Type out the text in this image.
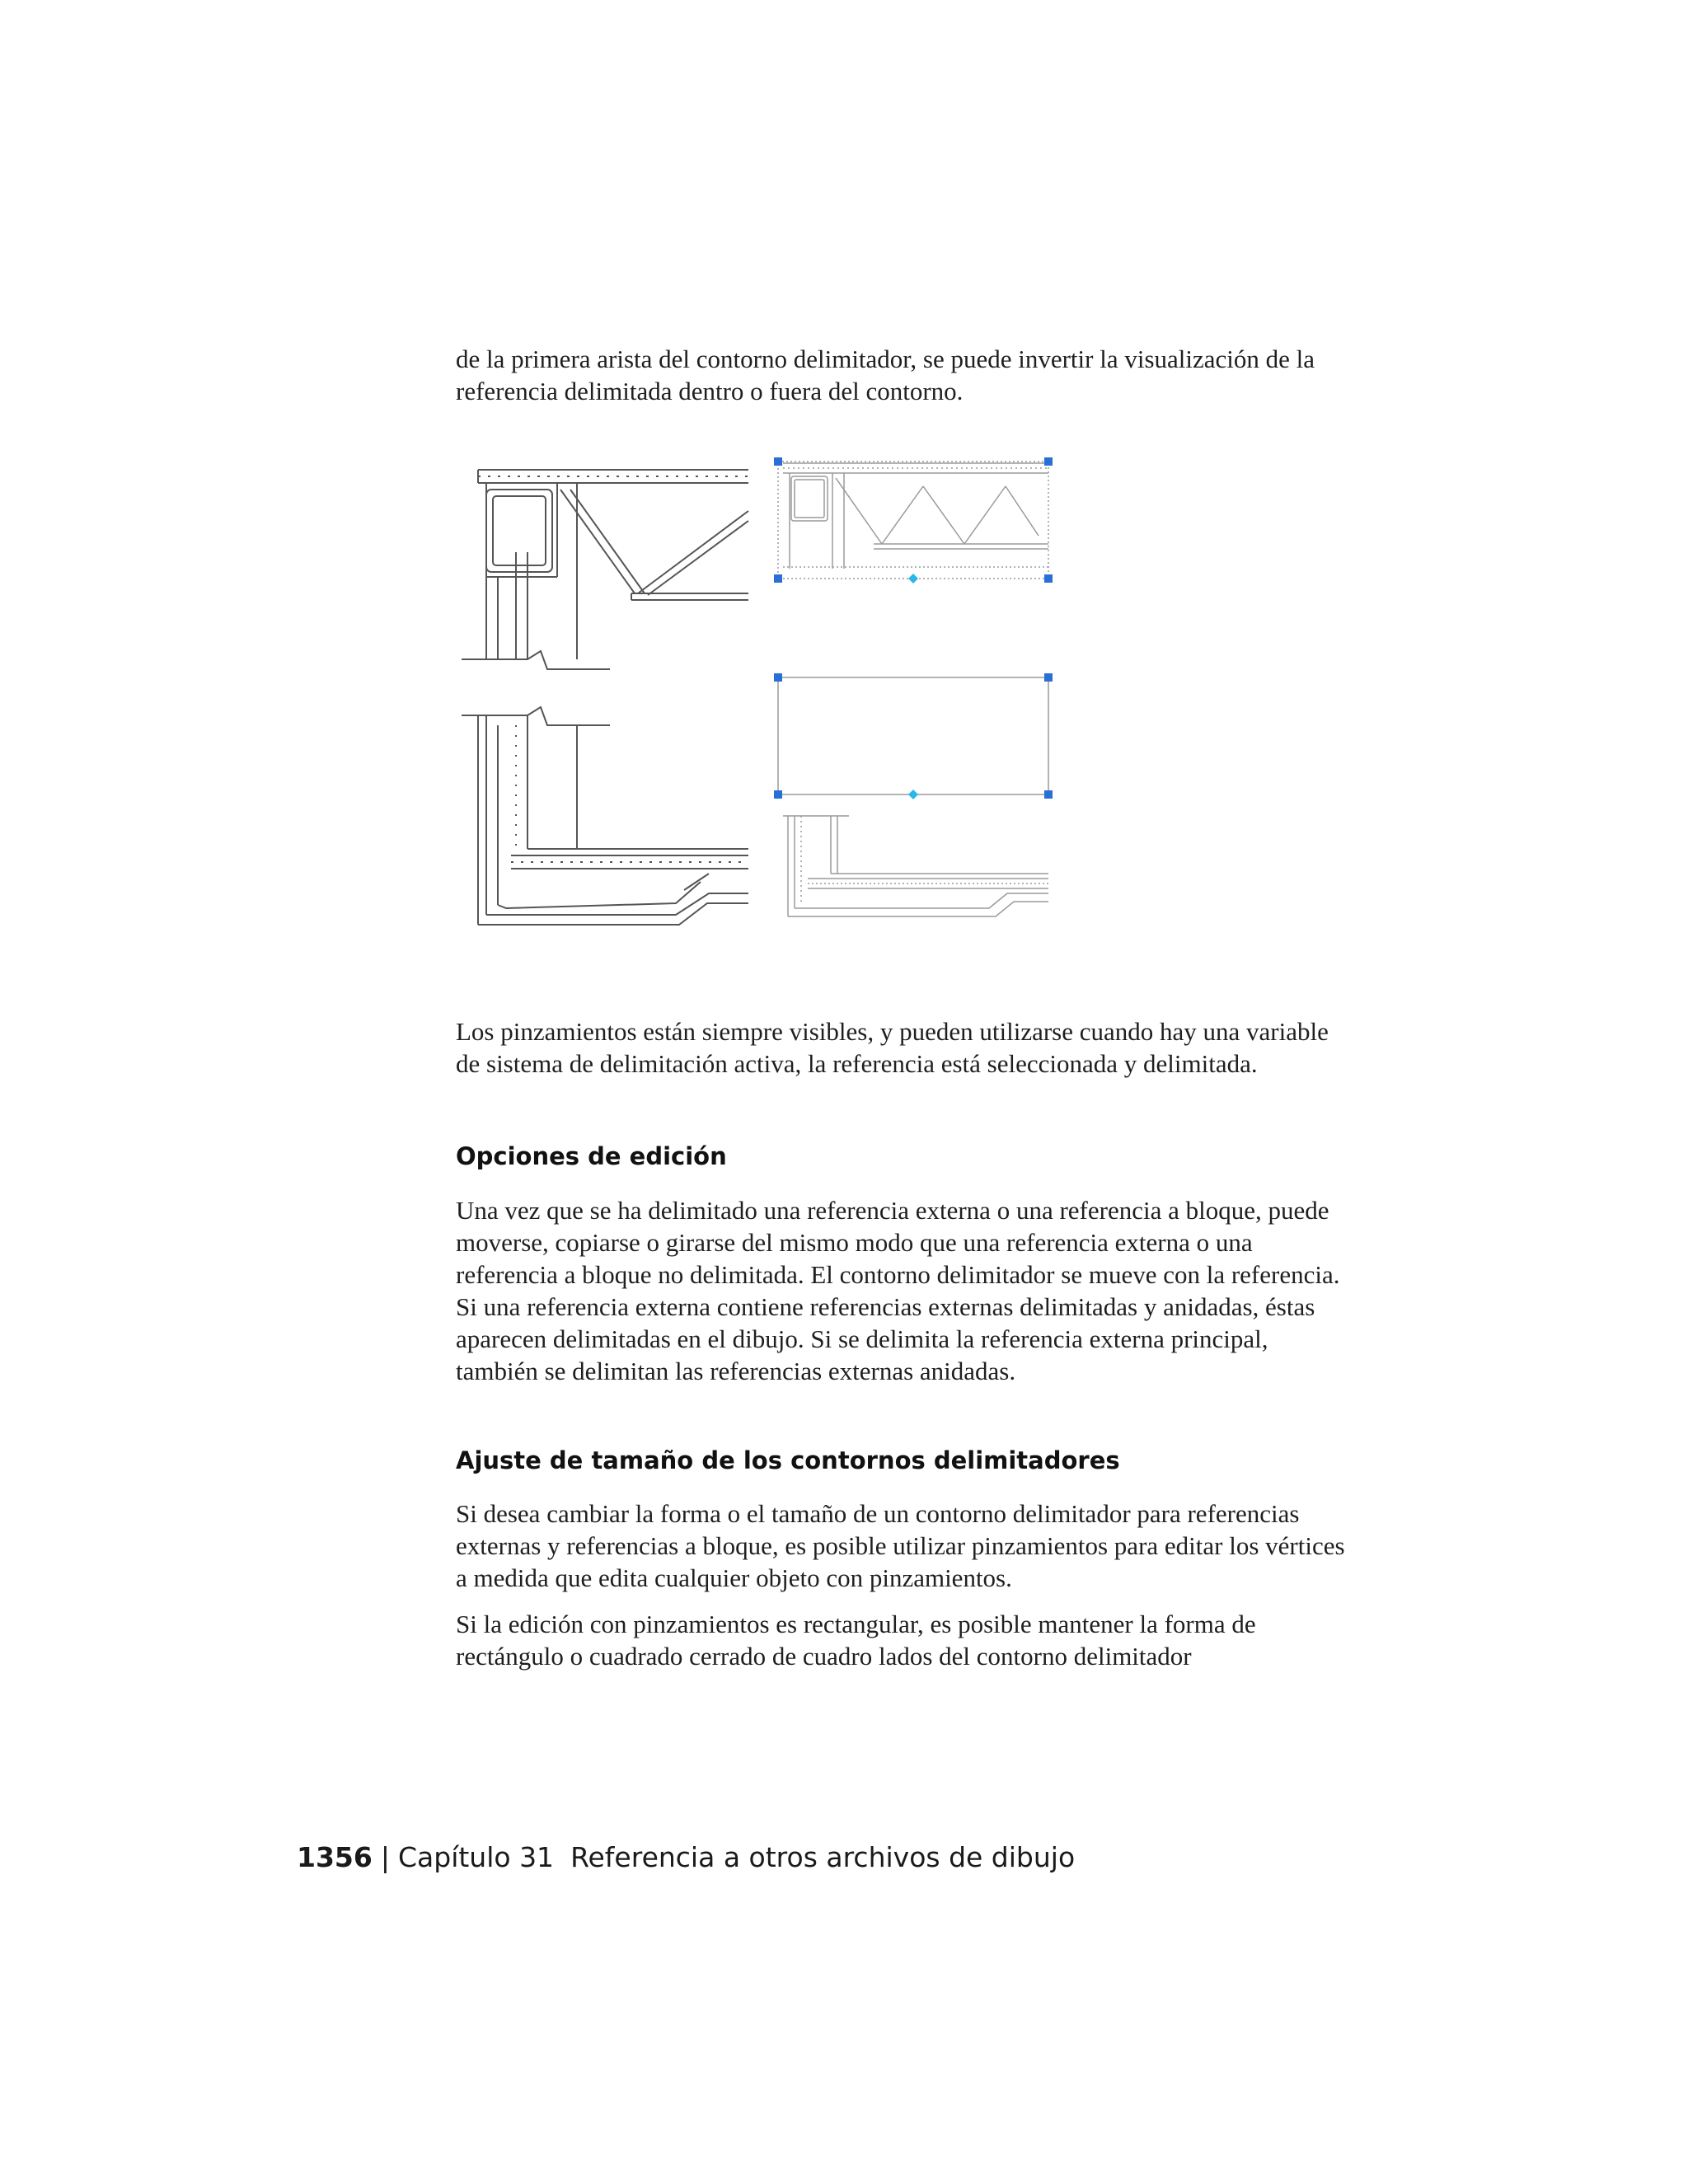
de la primera arista del contorno delimitador, se puede invertir la visualización de la referencia delimitada dentro o fuera del contorno.

Los pinzamientos están siempre visibles, y pueden utilizarse cuando hay una variable de sistema de delimitación activa, la referencia está seleccionada y delimitada.

Opciones de edición

Una vez que se ha delimitado una referencia externa o una referencia a bloque, puede moverse, copiarse o girarse del mismo modo que una referencia externa o una referencia a bloque no delimitada. El contorno delimitador se mueve con la referencia. Si una referencia externa contiene referencias externas delimitadas y anidadas, éstas aparecen delimitadas en el dibujo. Si se delimita la referencia externa principal, también se delimitan las referencias externas anidadas.

Ajuste de tamaño de los contornos delimitadores

Si desea cambiar la forma o el tamaño de un contorno delimitador para referencias externas y referencias a bloque, es posible utilizar pinzamientos para editar los vértices a medida que edita cualquier objeto con pinzamientos.

Si la edición con pinzamientos es rectangular, es posible mantener la forma de rectángulo o cuadrado cerrado de cuadro lados del contorno delimitador

1356 | Capítulo 31 Referencia a otros archivos de dibujo
